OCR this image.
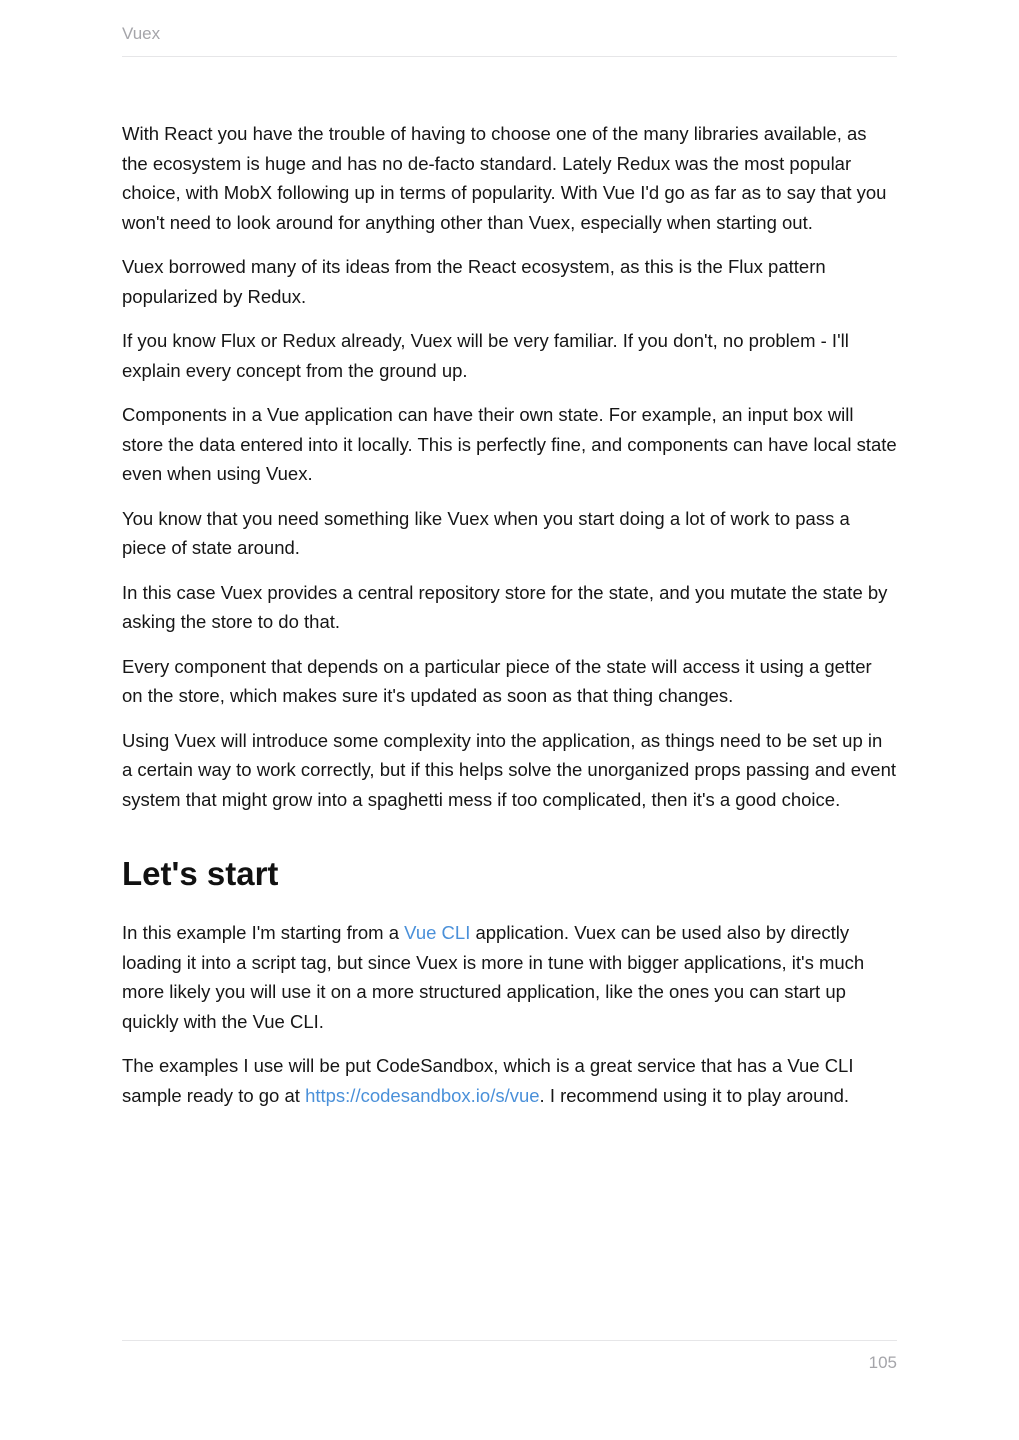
Vuex

With React you have the trouble of having to choose one of the many libraries available, as the ecosystem is huge and has no de-facto standard. Lately Redux was the most popular choice, with MobX following up in terms of popularity. With Vue I'd go as far as to say that you won't need to look around for anything other than Vuex, especially when starting out.

Vuex borrowed many of its ideas from the React ecosystem, as this is the Flux pattern popularized by Redux.

If you know Flux or Redux already, Vuex will be very familiar. If you don't, no problem - I'll explain every concept from the ground up.

Components in a Vue application can have their own state. For example, an input box will store the data entered into it locally. This is perfectly fine, and components can have local state even when using Vuex.

You know that you need something like Vuex when you start doing a lot of work to pass a piece of state around.

In this case Vuex provides a central repository store for the state, and you mutate the state by asking the store to do that.

Every component that depends on a particular piece of the state will access it using a getter on the store, which makes sure it's updated as soon as that thing changes.

Using Vuex will introduce some complexity into the application, as things need to be set up in a certain way to work correctly, but if this helps solve the unorganized props passing and event system that might grow into a spaghetti mess if too complicated, then it's a good choice.

Let's start

In this example I'm starting from a Vue CLI application. Vuex can be used also by directly loading it into a script tag, but since Vuex is more in tune with bigger applications, it's much more likely you will use it on a more structured application, like the ones you can start up quickly with the Vue CLI.

The examples I use will be put CodeSandbox, which is a great service that has a Vue CLI sample ready to go at https://codesandbox.io/s/vue. I recommend using it to play around.

105
